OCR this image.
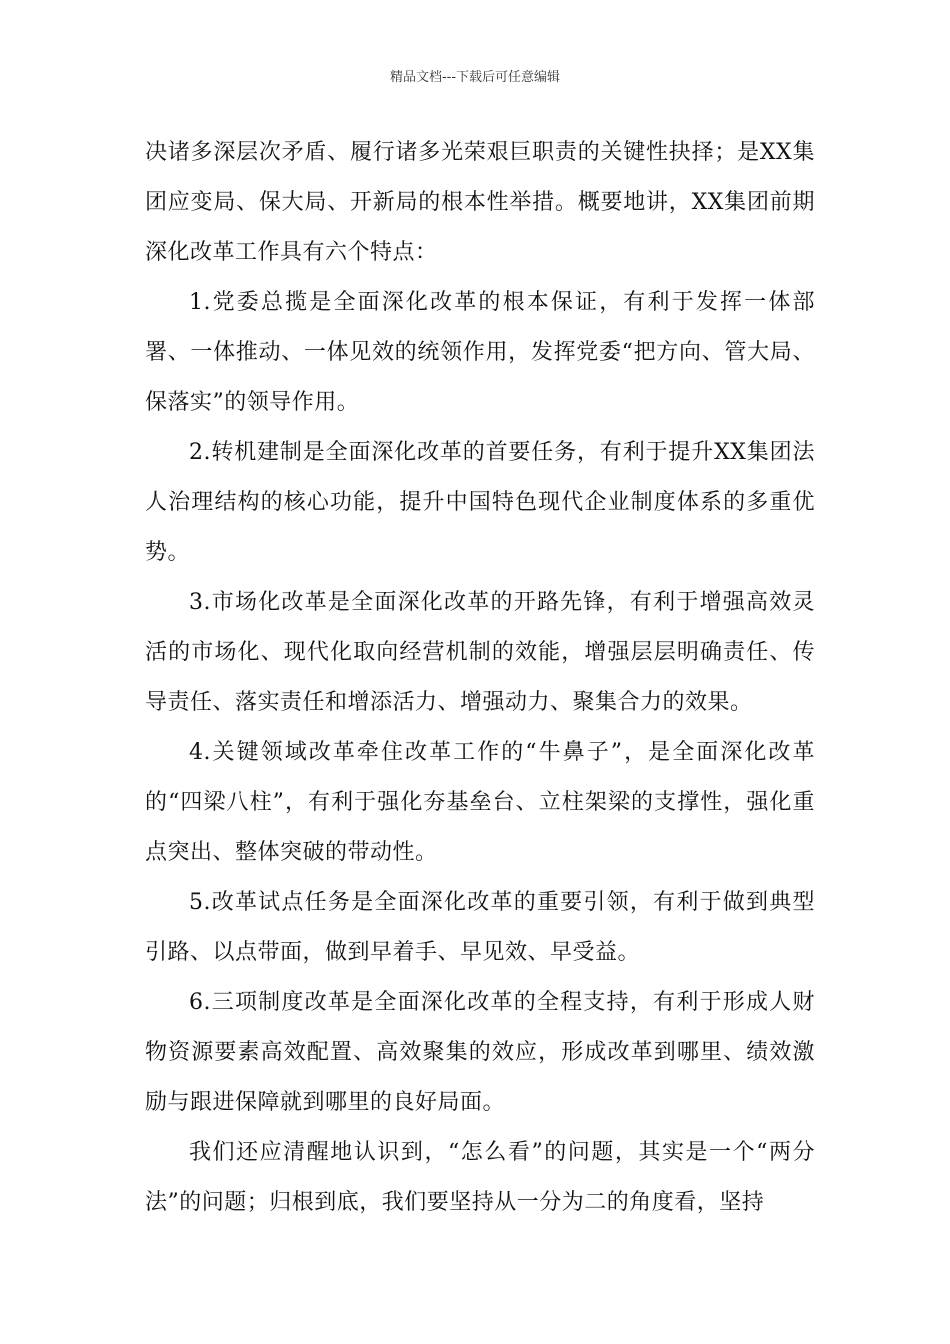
精品文档---下载后可任意编辑

决诸多深层次矛盾、履行诸多光荣艰巨职责的关键性抉择；是XX集团应变局、保大局、开新局的根本性举措。概要地讲，XX集团前期深化改革工作具有六个特点：

1.党委总揽是全面深化改革的根本保证，有利于发挥一体部署、一体推动、一体见效的统领作用，发挥党委“把方向、管大局、保落实”的领导作用。

2.转机建制是全面深化改革的首要任务，有利于提升XX集团法人治理结构的核心功能，提升中国特色现代企业制度体系的多重优势。

3.市场化改革是全面深化改革的开路先锋，有利于增强高效灵活的市场化、现代化取向经营机制的效能，增强层层明确责任、传导责任、落实责任和增添活力、增强动力、聚集合力的效果。

4.关键领域改革牵住改革工作的“牛鼻子”，是全面深化改革的“四梁八柱”，有利于强化夯基垒台、立柱架梁的支撑性，强化重点突出、整体突破的带动性。

5.改革试点任务是全面深化改革的重要引领，有利于做到典型引路、以点带面，做到早着手、早见效、早受益。

6.三项制度改革是全面深化改革的全程支持，有利于形成人财物资源要素高效配置、高效聚集的效应，形成改革到哪里、绩效激励与跟进保障就到哪里的良好局面。

我们还应清醒地认识到，“怎么看”的问题，其实是一个“两分法”的问题；归根到底，我们要坚持从一分为二的角度看，坚持
